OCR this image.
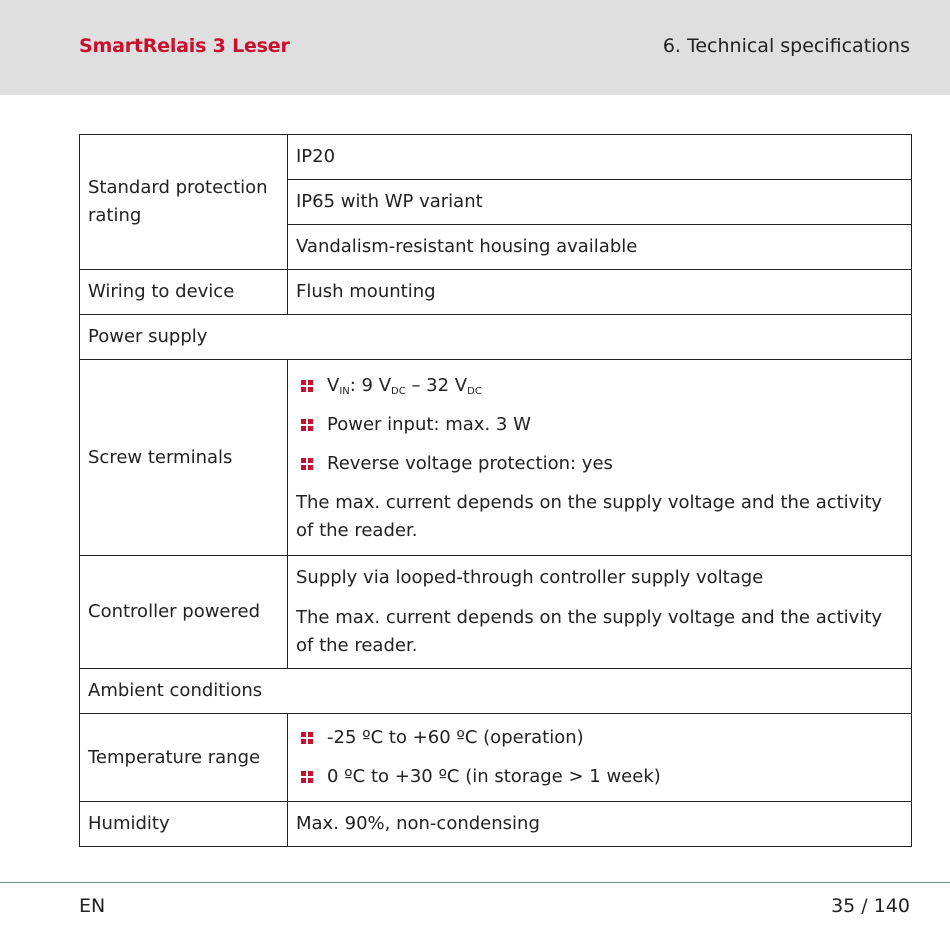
SmartRelais 3 Leser	6. Technical specifications
Standard protection rating	IP20
	IP65 with WP variant
	Vandalism-resistant housing available
Wiring to device	Flush mounting
Power supply	
Screw terminals	$V_{IN}$: 9 $V_{DC} - 32$ $V_{DC}$
Power input: max. 3 W
Reverse voltage protection: yes
The max. current depends on the supply voltage and the activity of the reader.

Controller powered	Supply via looped-through controller supply voltage
The max. current depends on the supply voltage and the activity of the reader.

Ambient conditions	
Temperature range	-25 ºC to +60 ºC (operation)
0 ºC to +30 ºC (in storage > 1 week)

Humidity	Max. 90%, non-condensing
EN	35 / 140
